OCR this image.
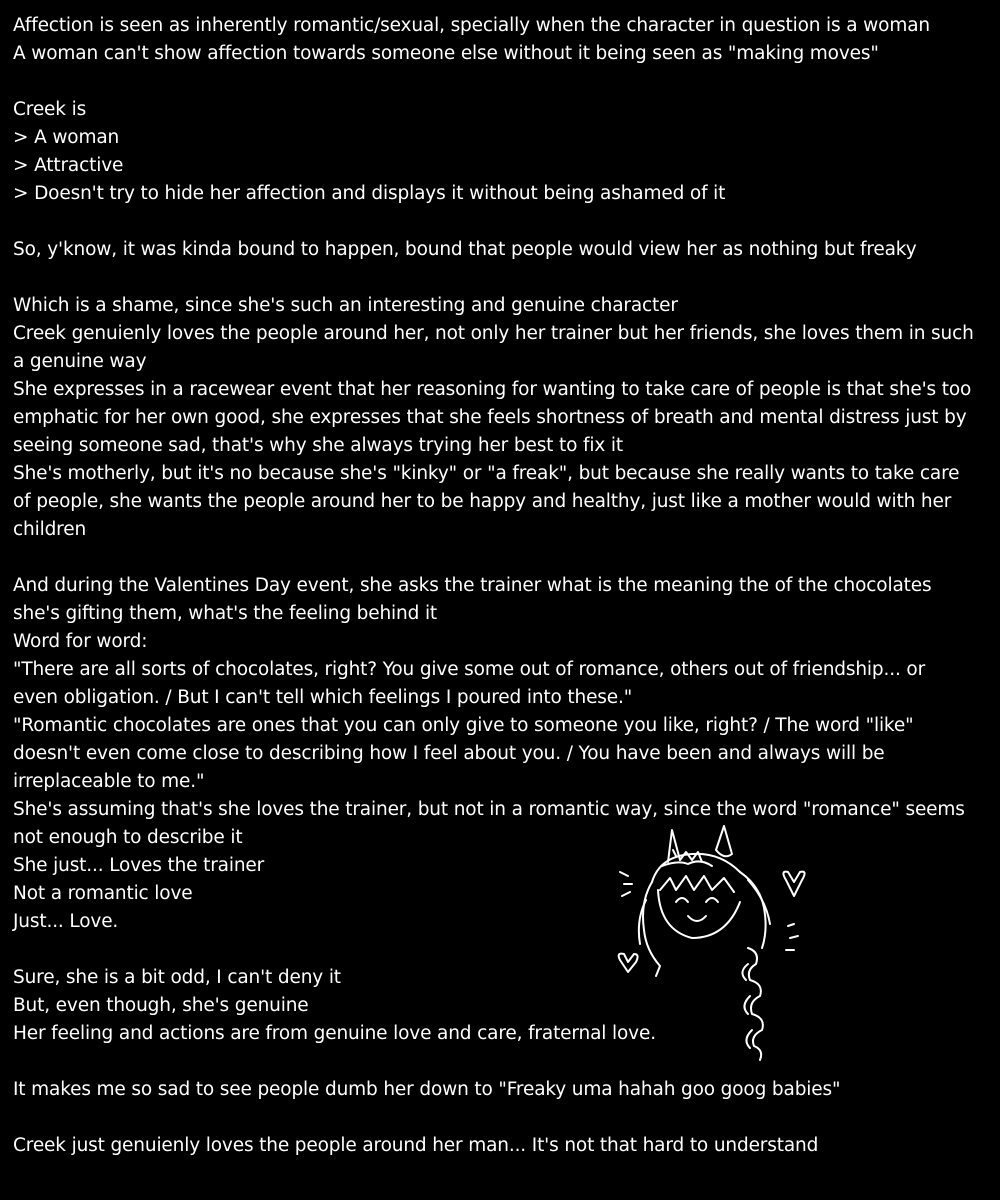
Affection is seen as inherently romantic/sexual, specially when the character in question is a woman
A woman can't show affection towards someone else without it being seen as "making moves"
Creek is
> A woman
> Attractive
> Doesn't try to hide her affection and displays it without being ashamed of it
So, y'know, it was kinda bound to happen, bound that people would view her as nothing but freaky
Which is a shame, since she's such an interesting and genuine character
Creek genuienly loves the people around her, not only her trainer but her friends, she loves them in such
a genuine way
She expresses in a racewear event that her reasoning for wanting to take care of people is that she's too
emphatic for her own good, she expresses that she feels shortness of breath and mental distress just by
seeing someone sad, that's why she always trying her best to fix it
She's motherly, but it's no because she's "kinky" or "a freak", but because she really wants to take care
of people, she wants the people around her to be happy and healthy, just like a mother would with her
children
And during the Valentines Day event, she asks the trainer what is the meaning the of the chocolates
she's gifting them, what's the feeling behind it
Word for word:
"There are all sorts of chocolates, right? You give some out of romance, others out of friendship... or
even obligation. / But I can't tell which feelings I poured into these."
"Romantic chocolates are ones that you can only give to someone you like, right? / The word "like"
doesn't even come close to describing how I feel about you. / You have been and always will be
irreplaceable to me."
She's assuming that's she loves the trainer, but not in a romantic way, since the word "romance" seems
not enough to describe it
She just... Loves the trainer
Not a romantic love
Just... Love.
Sure, she is a bit odd, I can't deny it
But, even though, she's genuine
Her feeling and actions are from genuine love and care, fraternal love.
It makes me so sad to see people dumb her down to "Freaky uma hahah goo goog babies"
Creek just genuienly loves the people around her man... It's not that hard to understand
